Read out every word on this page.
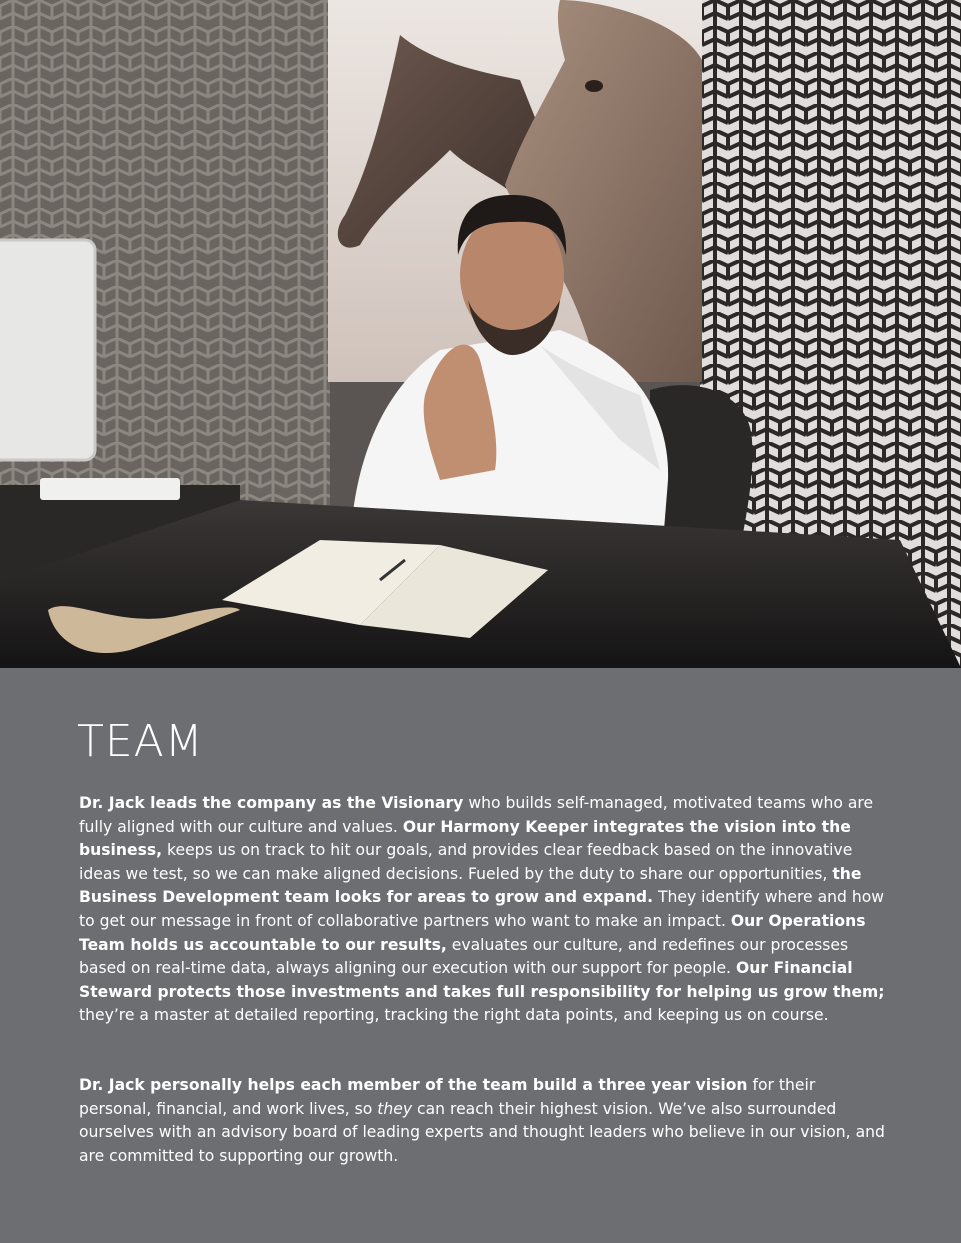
TEAM

Dr. Jack leads the company as the Visionary who builds self-managed, motivated teams who are fully aligned with our culture and values. Our Harmony Keeper integrates the vision into the business, keeps us on track to hit our goals, and provides clear feedback based on the innovative ideas we test, so we can make aligned decisions. Fueled by the duty to share our opportunities, the Business Development team looks for areas to grow and expand. They identify where and how to get our message in front of collaborative partners who want to make an impact. Our Operations Team holds us accountable to our results, evaluates our culture, and redefines our processes based on real-time data, always aligning our execution with our support for people. Our Financial Steward protects those investments and takes full responsibility for helping us grow them; they’re a master at detailed reporting, tracking the right data points, and keeping us on course.

Dr. Jack personally helps each member of the team build a three year vision for their personal, financial, and work lives, so they can reach their highest vision. We’ve also surrounded ourselves with an advisory board of leading experts and thought leaders who believe in our vision, and are committed to supporting our growth.
